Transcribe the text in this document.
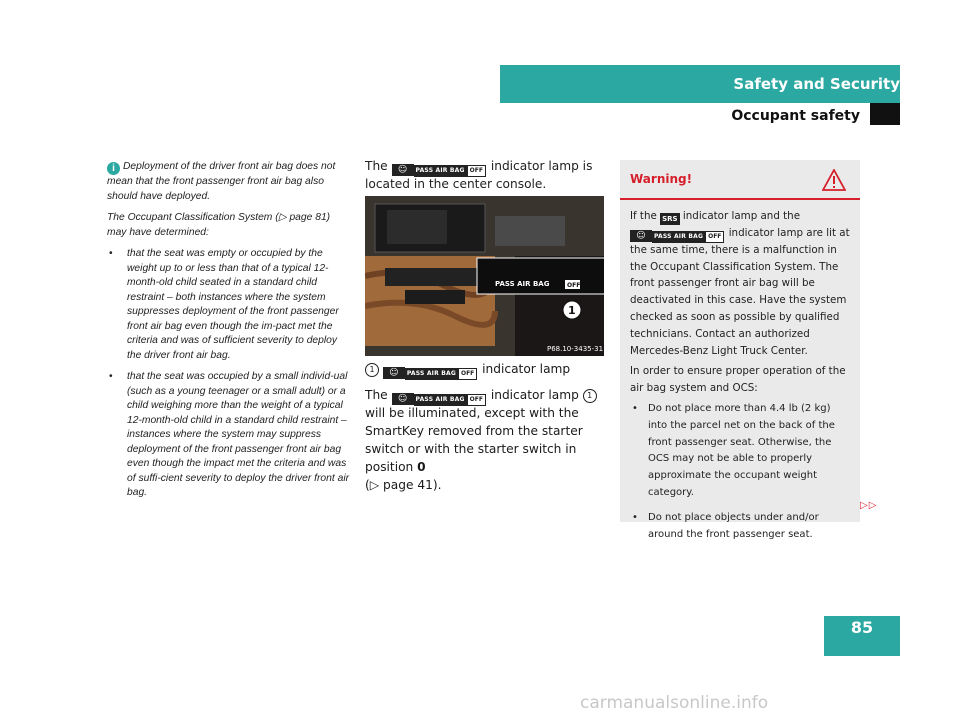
Safety and Security
Occupant safety

i Deployment of the driver front air bag does not mean that the front passenger front air bag also should have deployed.

The Occupant Classification System (▷ page 81) may have determined:

• that the seat was empty or occupied by the weight up to or less than that of a typical 12-month-old child seated in a standard child restraint – both instances where the system suppresses deployment of the front passenger front air bag even though the im-pact met the criteria and was of sufficient severity to deploy the driver front air bag.
• that the seat was occupied by a small individ-ual (such as a young teenager or a small adult) or a child weighing more than the weight of a typical 12-month-old child in a standard child restraint – instances where the system may suppress deployment of the front passenger front air bag even though the impact met the criteria and was of suffi-cient severity to deploy the driver front air bag.

The ☺ PASS AIR BAG OFF indicator lamp is located in the center console.

PASS AIR BAG	OFF
1
P68.10-3435-31
1 ☺ PASS AIR BAG OFF indicator lamp
The ☺ PASS AIR BAG OFF indicator lamp 1 will be illuminated, except with the SmartKey removed from the starter switch or with the starter switch in position 0
(▷ page 41).
Warning!

If the SRS indicator lamp and the ☺ PASS AIR BAG OFF indicator lamp are lit at the same time, there is a malfunction in the Occupant Classification System. The front passenger front air bag will be deactivated in this case. Have the system checked as soon as possible by qualified technicians. Contact an authorized Mercedes-Benz Light Truck Center.

In order to ensure proper operation of the air bag system and OCS:

• Do not place more than 4.4 lb (2 kg) into the parcel net on the back of the front passenger seat. Otherwise, the OCS may not be able to properly approximate the occupant weight category.
• Do not place objects under and/or around the front passenger seat.
▷▷
85
carmanualsonline.info
